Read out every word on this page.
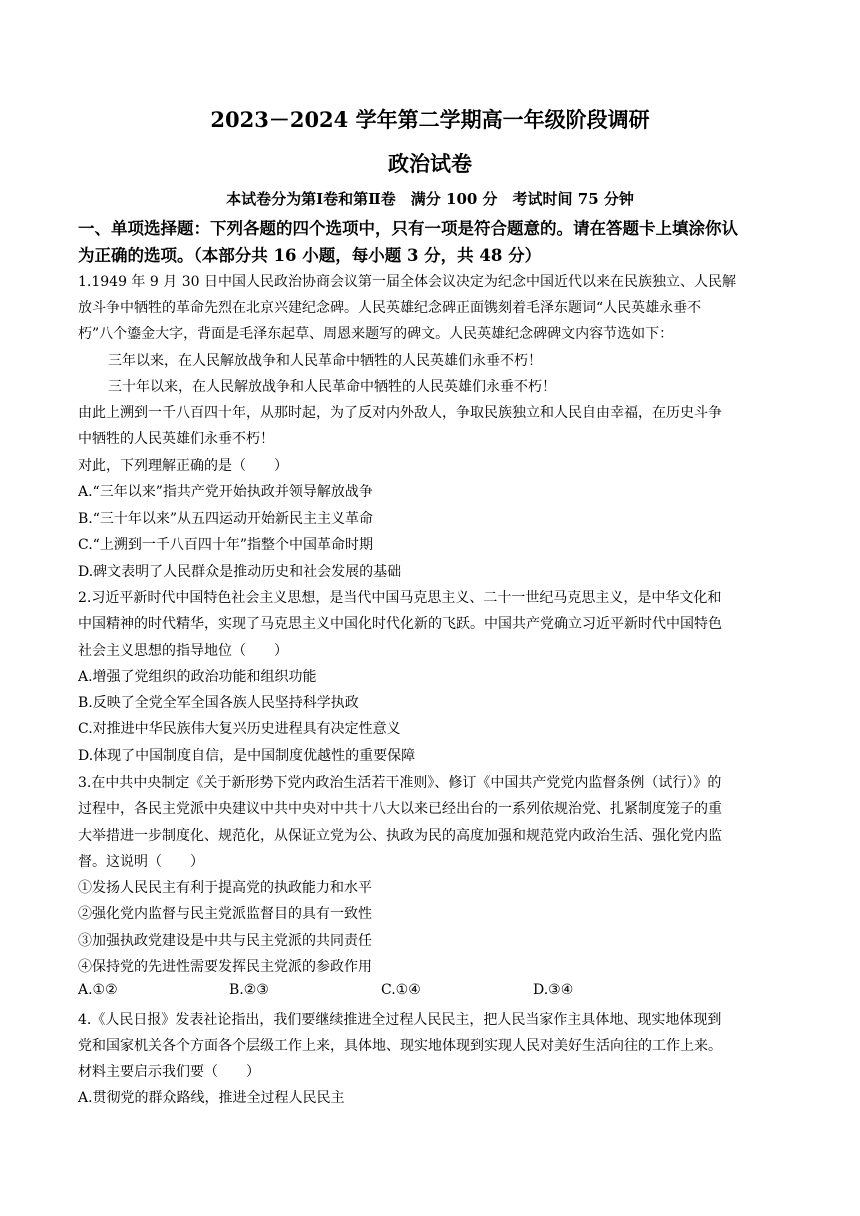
2023－2024 学年第二学期高一年级阶段调研
政治试卷
本试卷分为第Ⅰ卷和第Ⅱ卷　满分 100 分　考试时间 75 分钟
一、单项选择题：下列各题的四个选项中，只有一项是符合题意的。请在答题卡上填涂你认
为正确的选项。（本部分共 16 小题，每小题 3 分，共 48 分）
1.1949 年 9 月 30 日中国人民政治协商会议第一届全体会议决定为纪念中国近代以来在民族独立、人民解
放斗争中牺牲的革命先烈在北京兴建纪念碑。人民英雄纪念碑正面镌刻着毛泽东题词“人民英雄永垂不
朽”八个鎏金大字，背面是毛泽东起草、周恩来题写的碑文。人民英雄纪念碑碑文内容节选如下：
三年以来，在人民解放战争和人民革命中牺牲的人民英雄们永垂不朽！
三十年以来，在人民解放战争和人民革命中牺牲的人民英雄们永垂不朽！
由此上溯到一千八百四十年，从那时起，为了反对内外敌人，争取民族独立和人民自由幸福，在历史斗争
中牺牲的人民英雄们永垂不朽！
对此，下列理解正确的是（　　）
A.“三年以来”指共产党开始执政并领导解放战争
B.“三十年以来”从五四运动开始新民主主义革命
C.“上溯到一千八百四十年”指整个中国革命时期
D.碑文表明了人民群众是推动历史和社会发展的基础
2.习近平新时代中国特色社会主义思想，是当代中国马克思主义、二十一世纪马克思主义，是中华文化和
中国精神的时代精华，实现了马克思主义中国化时代化新的飞跃。中国共产党确立习近平新时代中国特色
社会主义思想的指导地位（　　）
A.增强了党组织的政治功能和组织功能
B.反映了全党全军全国各族人民坚持科学执政
C.对推进中华民族伟大复兴历史进程具有决定性意义
D.体现了中国制度自信，是中国制度优越性的重要保障
3.在中共中央制定《关于新形势下党内政治生活若干准则》、修订《中国共产党党内监督条例（试行）》的
过程中，各民主党派中央建议中共中央对中共十八大以来已经出台的一系列依规治党、扎紧制度笼子的重
大举措进一步制度化、规范化，从保证立党为公、执政为民的高度加强和规范党内政治生活、强化党内监
督。这说明（　　）
①发扬人民民主有利于提高党的执政能力和水平
②强化党内监督与民主党派监督目的具有一致性
③加强执政党建设是中共与民主党派的共同责任
④保持党的先进性需要发挥民主党派的参政作用
A.①②	B.②③	C.①④	D.③④
4.《人民日报》发表社论指出，我们要继续推进全过程人民民主，把人民当家作主具体地、现实地体现到
党和国家机关各个方面各个层级工作上来，具体地、现实地体现到实现人民对美好生活向往的工作上来。
材料主要启示我们要（　　）
A.贯彻党的群众路线，推进全过程人民民主
